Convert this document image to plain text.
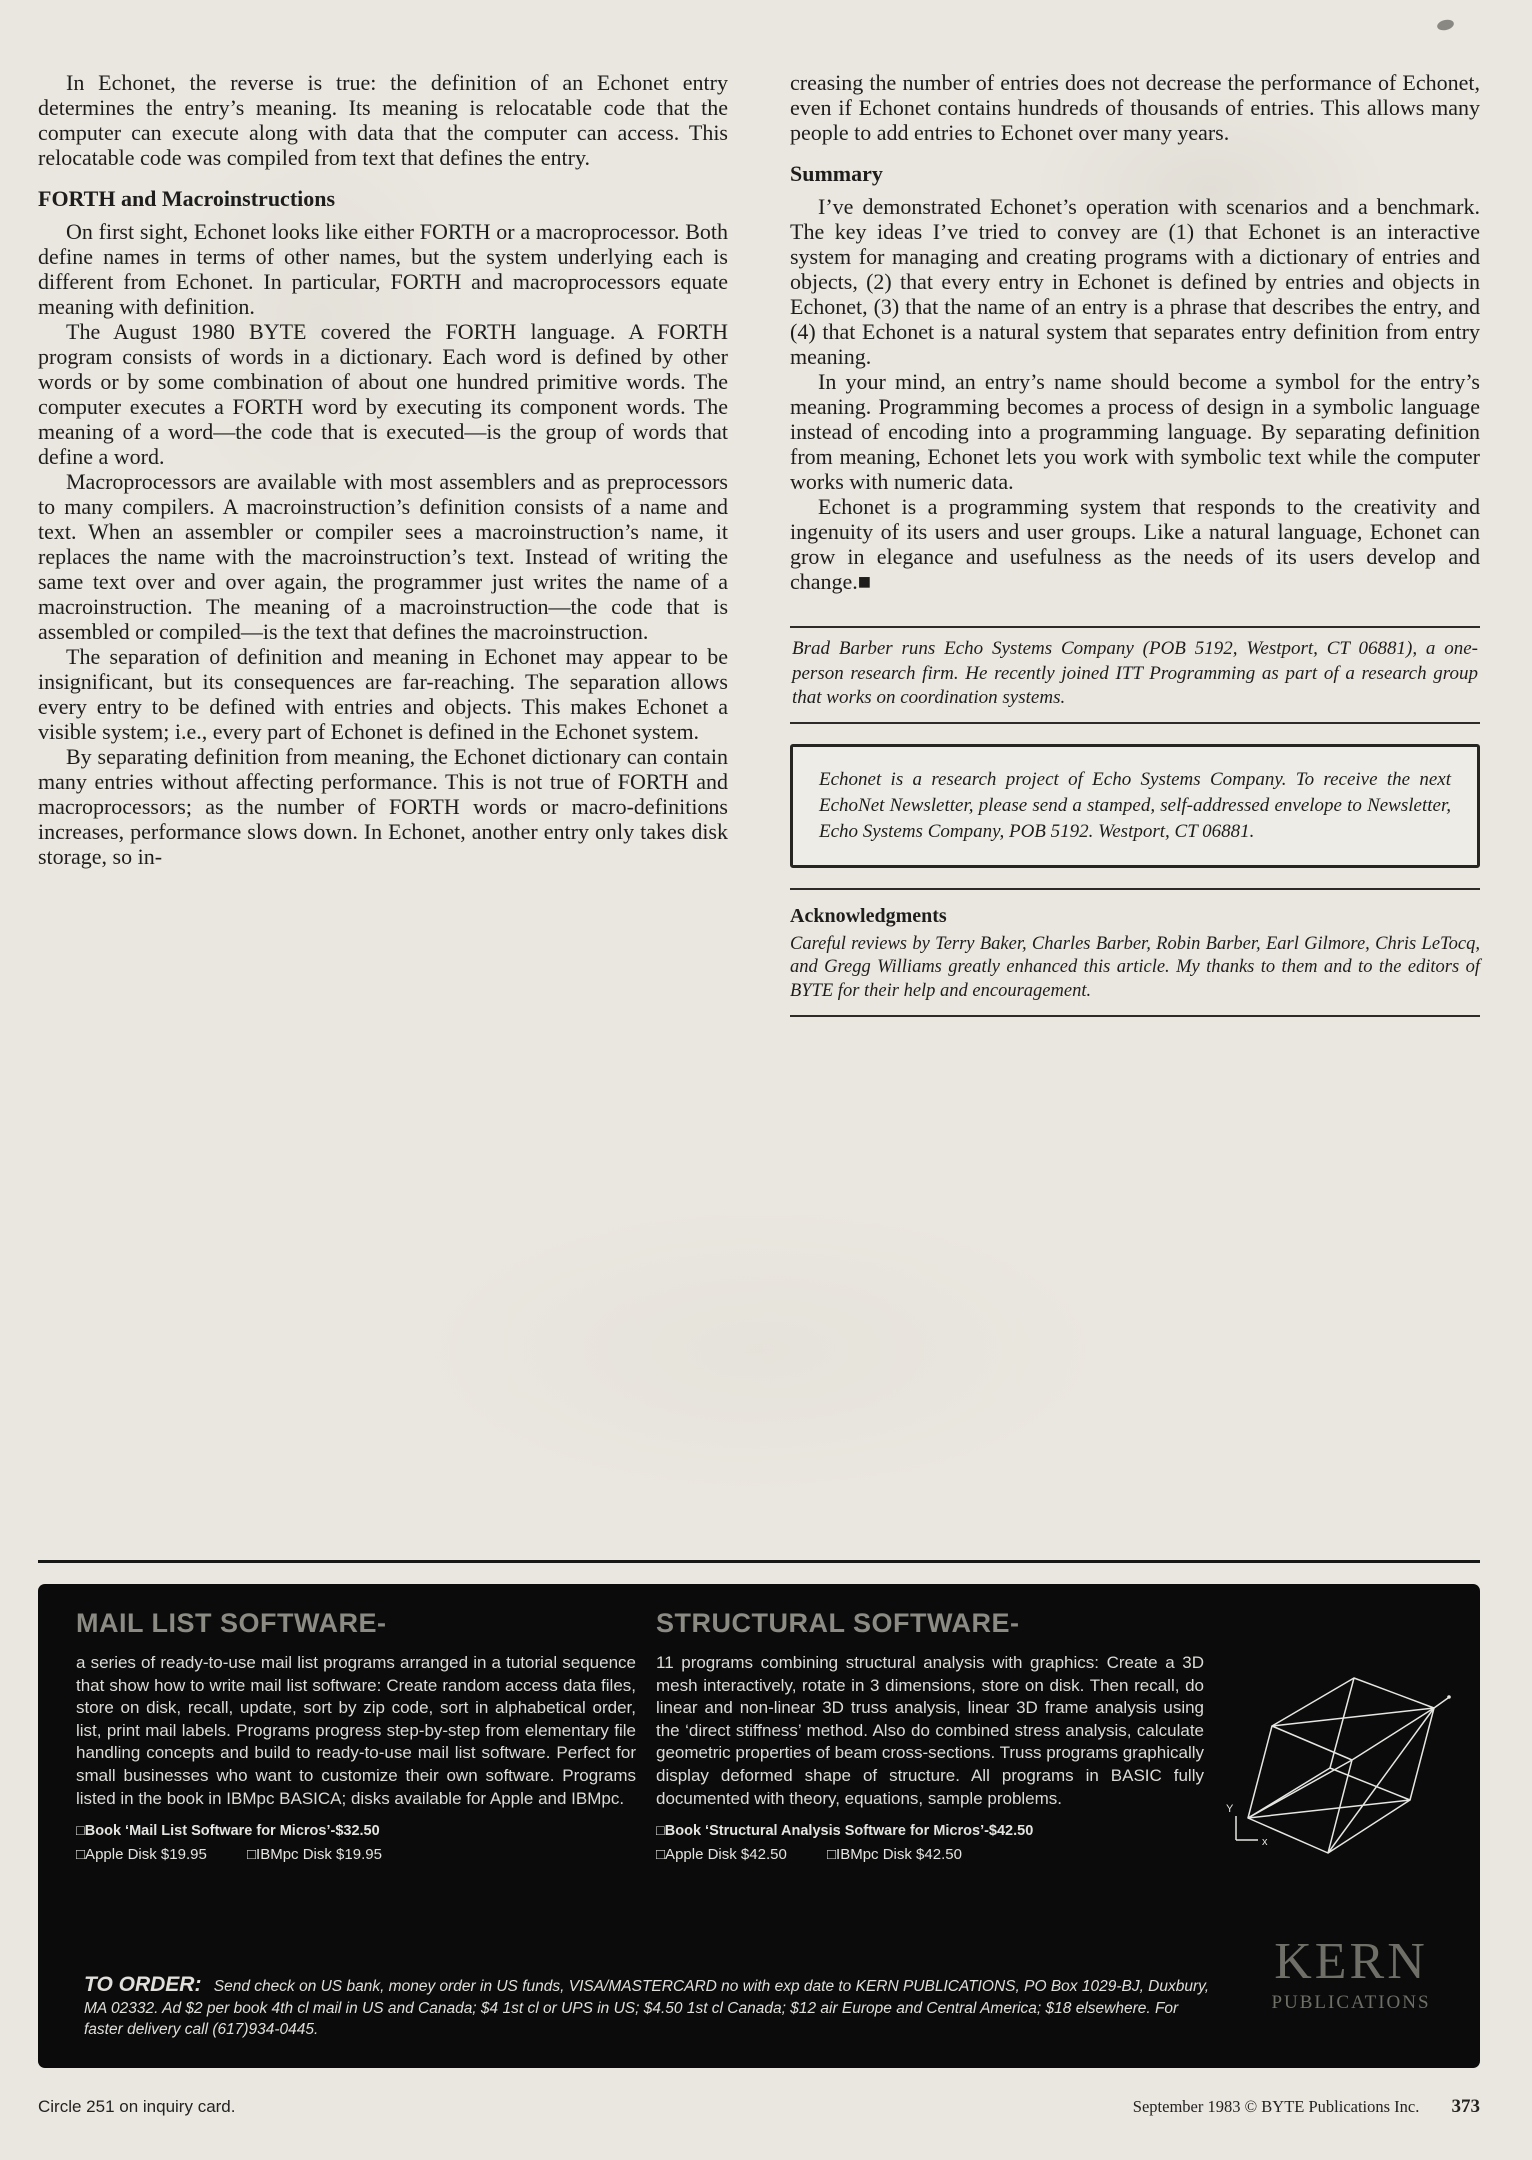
In Echonet, the reverse is true: the definition of an Echonet entry determines the entry’s meaning. Its meaning is relocatable code that the computer can execute along with data that the computer can access. This relocatable code was compiled from text that defines the entry.

FORTH and Macroinstructions

On first sight, Echonet looks like either FORTH or a macroprocessor. Both define names in terms of other names, but the system underlying each is different from Echonet. In particular, FORTH and macroprocessors equate meaning with definition.

The August 1980 BYTE covered the FORTH language. A FORTH program consists of words in a dictionary. Each word is defined by other words or by some combination of about one hundred primitive words. The computer executes a FORTH word by executing its component words. The meaning of a word—the code that is executed—is the group of words that define a word.

Macroprocessors are available with most assemblers and as preprocessors to many compilers. A macroinstruction’s definition consists of a name and text. When an assembler or compiler sees a macroinstruction’s name, it replaces the name with the macroinstruction’s text. Instead of writing the same text over and over again, the programmer just writes the name of a macroinstruction. The meaning of a macroinstruction—the code that is assembled or compiled—is the text that defines the macroinstruction.

The separation of definition and meaning in Echonet may appear to be insignificant, but its consequences are far-reaching. The separation allows every entry to be defined with entries and objects. This makes Echonet a visible system; i.e., every part of Echonet is defined in the Echonet system.

By separating definition from meaning, the Echonet dictionary can contain many entries without affecting performance. This is not true of FORTH and macroprocessors; as the number of FORTH words or macro-definitions increases, performance slows down. In Echonet, another entry only takes disk storage, so in-

creasing the number of entries does not decrease the performance of Echonet, even if Echonet contains hundreds of thousands of entries. This allows many people to add entries to Echonet over many years.

Summary

I’ve demonstrated Echonet’s operation with scenarios and a benchmark. The key ideas I’ve tried to convey are (1) that Echonet is an interactive system for managing and creating programs with a dictionary of entries and objects, (2) that every entry in Echonet is defined by entries and objects in Echonet, (3) that the name of an entry is a phrase that describes the entry, and (4) that Echonet is a natural system that separates entry definition from entry meaning.

In your mind, an entry’s name should become a symbol for the entry’s meaning. Programming becomes a process of design in a symbolic language instead of encoding into a programming language. By separating definition from meaning, Echonet lets you work with symbolic text while the computer works with numeric data.

Echonet is a programming system that responds to the creativity and ingenuity of its users and user groups. Like a natural language, Echonet can grow in elegance and usefulness as the needs of its users develop and change.■

Brad Barber runs Echo Systems Company (POB 5192, Westport, CT 06881), a one-person research firm. He recently joined ITT Programming as part of a research group that works on coordination systems.

Echonet is a research project of Echo Systems Company. To receive the next EchoNet Newsletter, please send a stamped, self-addressed envelope to Newsletter, Echo Systems Company, POB 5192. Westport, CT 06881.

Acknowledgments

Careful reviews by Terry Baker, Charles Barber, Robin Barber, Earl Gilmore, Chris LeTocq, and Gregg Williams greatly enhanced this article. My thanks to them and to the editors of BYTE for their help and encouragement.

MAIL LIST SOFTWARE-

a series of ready-to-use mail list programs arranged in a tutorial sequence that show how to write mail list software: Create random access data files, store on disk, recall, update, sort by zip code, sort in alphabetical order, list, print mail labels. Programs progress step-by-step from elementary file handling concepts and build to ready-to-use mail list software. Perfect for small businesses who want to customize their own software. Programs listed in the book in IBMpc BASICA; disks available for Apple and IBMpc.

□Book ‘Mail List Software for Micros’-$32.50

□Apple Disk $19.95	□IBMpc Disk $19.95

STRUCTURAL SOFTWARE-

11 programs combining structural analysis with graphics: Create a 3D mesh interactively, rotate in 3 dimensions, store on disk. Then recall, do linear and non-linear 3D truss analysis, linear 3D frame analysis using the ‘direct stiffness’ method. Also do combined stress analysis, calculate geometric properties of beam cross-sections. Truss programs graphically display deformed shape of structure. All programs in BASIC fully documented with theory, equations, sample problems.

□Book ‘Structural Analysis Software for Micros’-$42.50

□Apple Disk $42.50	□IBMpc Disk $42.50

Y
x

TO ORDER: Send check on US bank, money order in US funds, VISA/MASTERCARD no with exp date to KERN PUBLICATIONS, PO Box 1029-BJ, Duxbury, MA 02332. Ad $2 per book 4th cl mail in US and Canada; $4 1st cl or UPS in US; $4.50 1st cl Canada; $12 air Europe and Central America; $18 elsewhere. For faster delivery call (617)934-0445.

KERN
PUBLICATIONS
Circle 251 on inquiry card.	September 1983 © BYTE Publications Inc. 373
